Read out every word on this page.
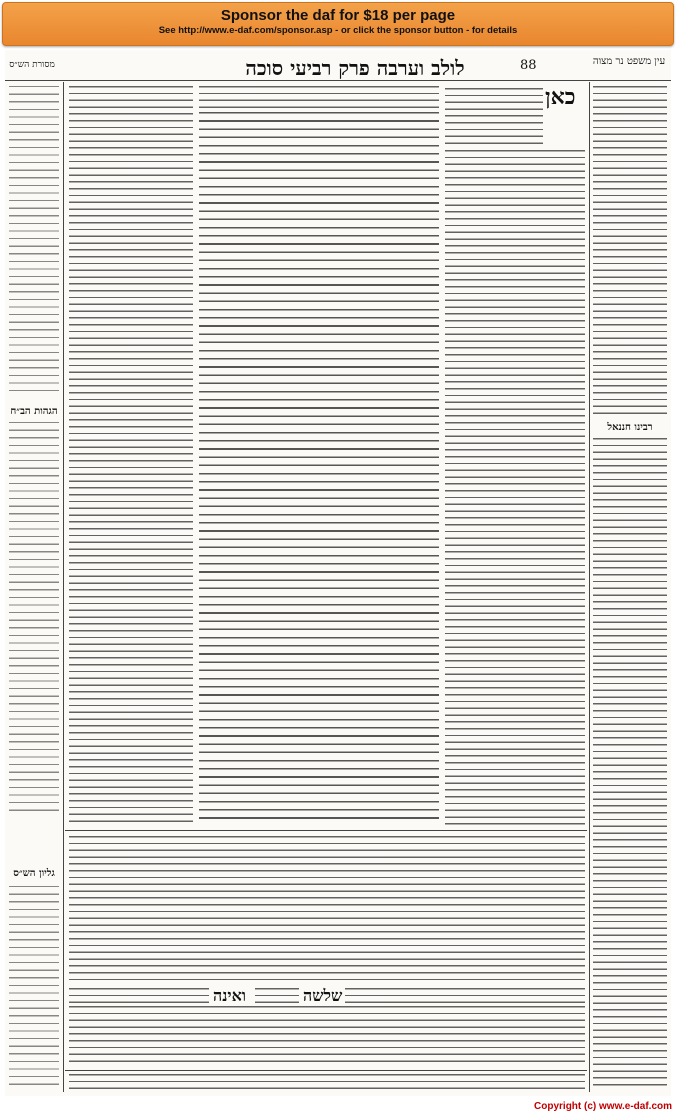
Sponsor the daf for $18 per page
See http://www.e-daf.com/sponsor.asp - or click the sponsor button - for details
עין משפט נר מצוה
88
לולב וערבה פרק רביעי סוכה
מסורת הש״ס
רבינו חננאל
כאן
הגהות הב״ח
ואינה	שלשה
גליון הש״ס
Copyright (c) www.e-daf.com
